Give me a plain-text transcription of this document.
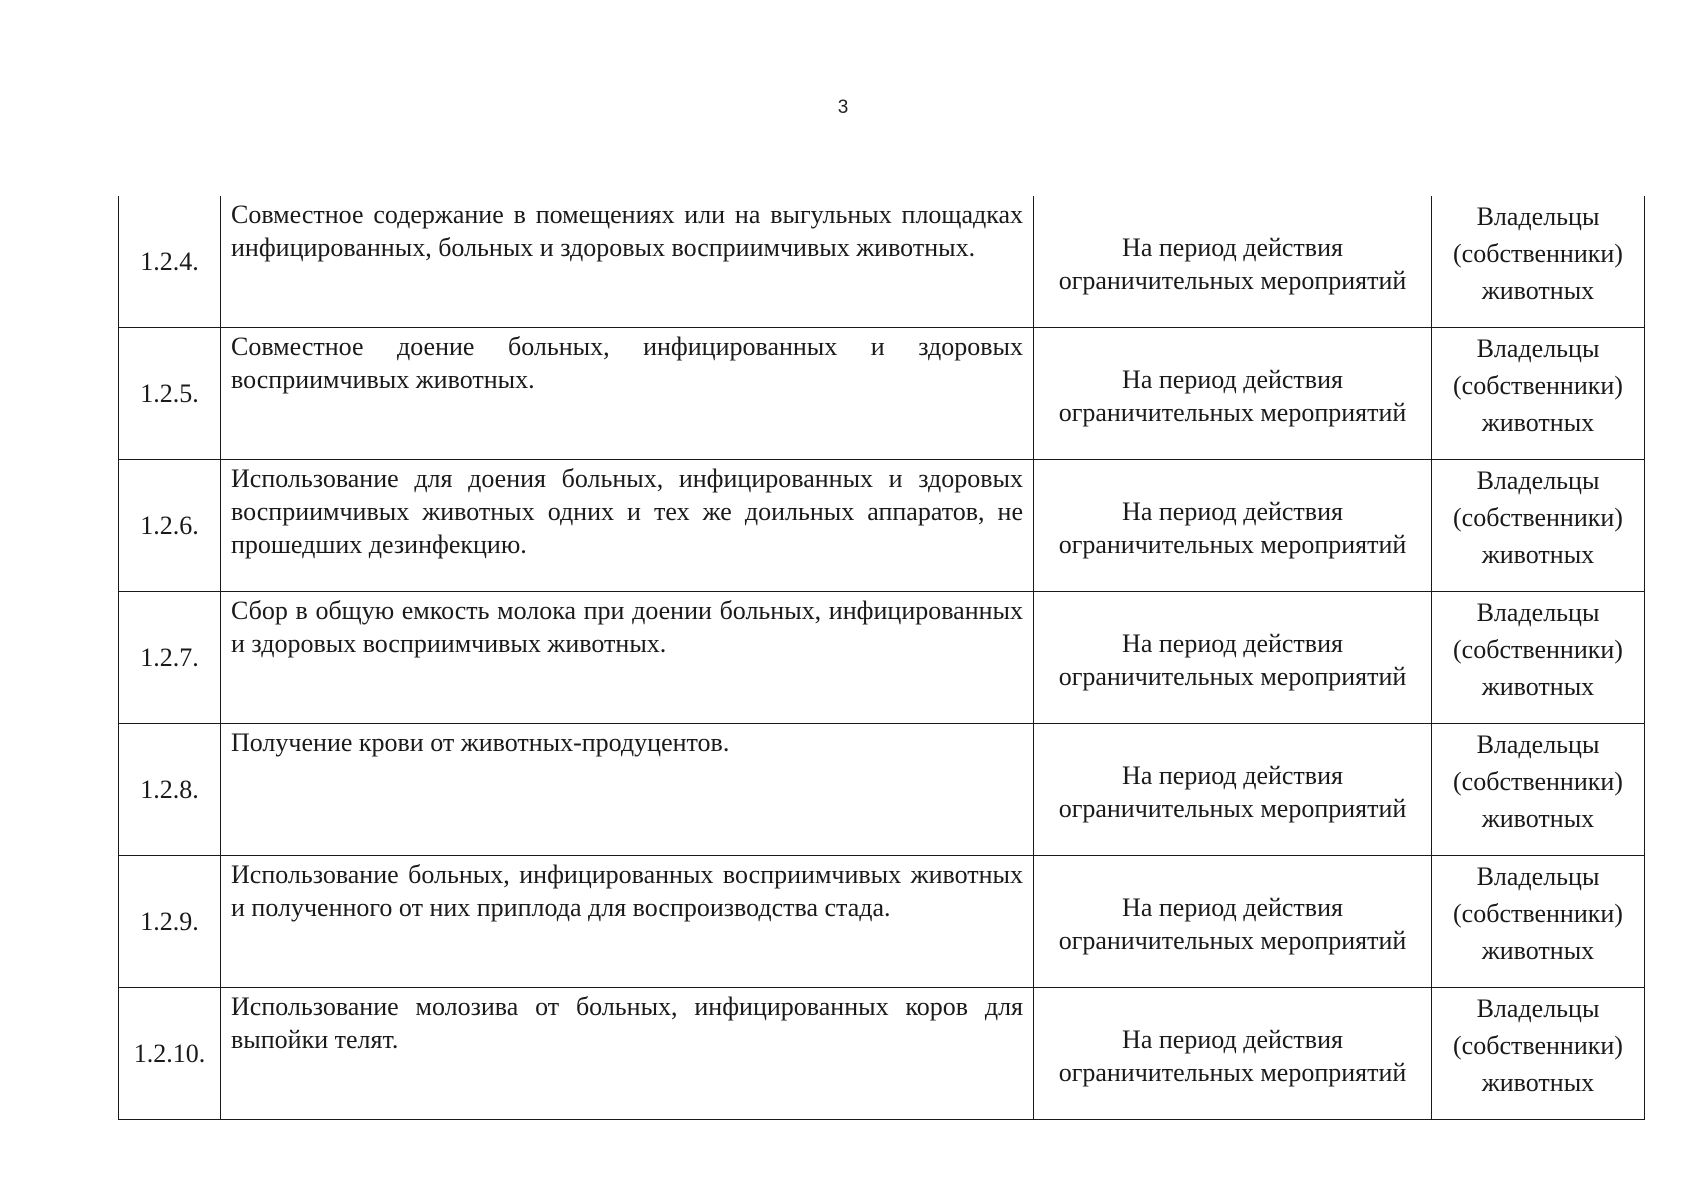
3
1.2.4.	Совместное содержание в помещениях или на выгульных площадках инфицированных, больных и здоровых восприимчивых животных.	На период действия
ограничительных мероприятий	Владельцы
(собственники)
животных

1.2.5.	Совместное доение больных, инфицированных и здоровых восприимчивых животных.	На период действия
ограничительных мероприятий	Владельцы
(собственники)
животных

1.2.6.	Использование для доения больных, инфицированных и здоровых восприимчивых животных одних и тех же доильных аппаратов, не прошедших дезинфекцию.	На период действия
ограничительных мероприятий	Владельцы
(собственники)
животных

1.2.7.	Сбор в общую емкость молока при доении больных, инфицированных и здоровых восприимчивых животных.	На период действия
ограничительных мероприятий	Владельцы
(собственники)
животных

1.2.8.	Получение крови от животных-продуцентов.	На период действия
ограничительных мероприятий	Владельцы
(собственники)
животных

1.2.9.	Использование больных, инфицированных восприимчивых животных и полученного от них приплода для воспроизводства стада.	На период действия
ограничительных мероприятий	Владельцы
(собственники)
животных

1.2.10.	Использование молозива от больных, инфицированных коров для выпойки телят.	На период действия
ограничительных мероприятий	Владельцы
(собственники)
животных
